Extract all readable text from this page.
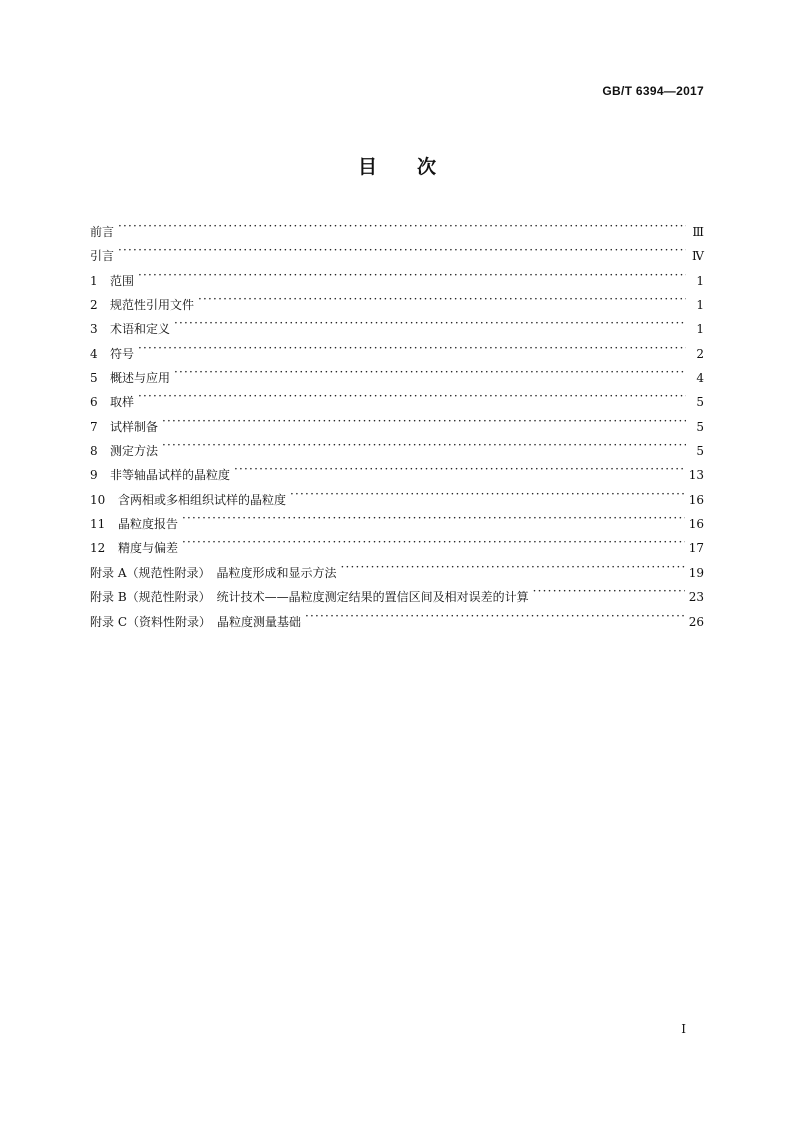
GB/T 6394—2017
目次
前言 ·····	Ⅲ
引言 ·····	Ⅳ
1 范围 ·····	1
2 规范性引用文件 ·····	1
3 术语和定义 ·····	1
4 符号 ·····	2
5 概述与应用 ·····	4
6 取样 ·····	5
7 试样制备 ·····	5
8 测定方法 ·····	5
9 非等轴晶试样的晶粒度 ·····	13
10 含两相或多相组织试样的晶粒度 ·····	16
11 晶粒度报告 ·····	16
12 精度与偏差 ·····	17
附录 A（规范性附录）　晶粒度形成和显示方法 ·····	19
附录 B（规范性附录）　统计技术——晶粒度测定结果的置信区间及相对误差的计算 ·····	23
附录 C（资料性附录）　晶粒度测量基础 ·····	26
Ⅰ
